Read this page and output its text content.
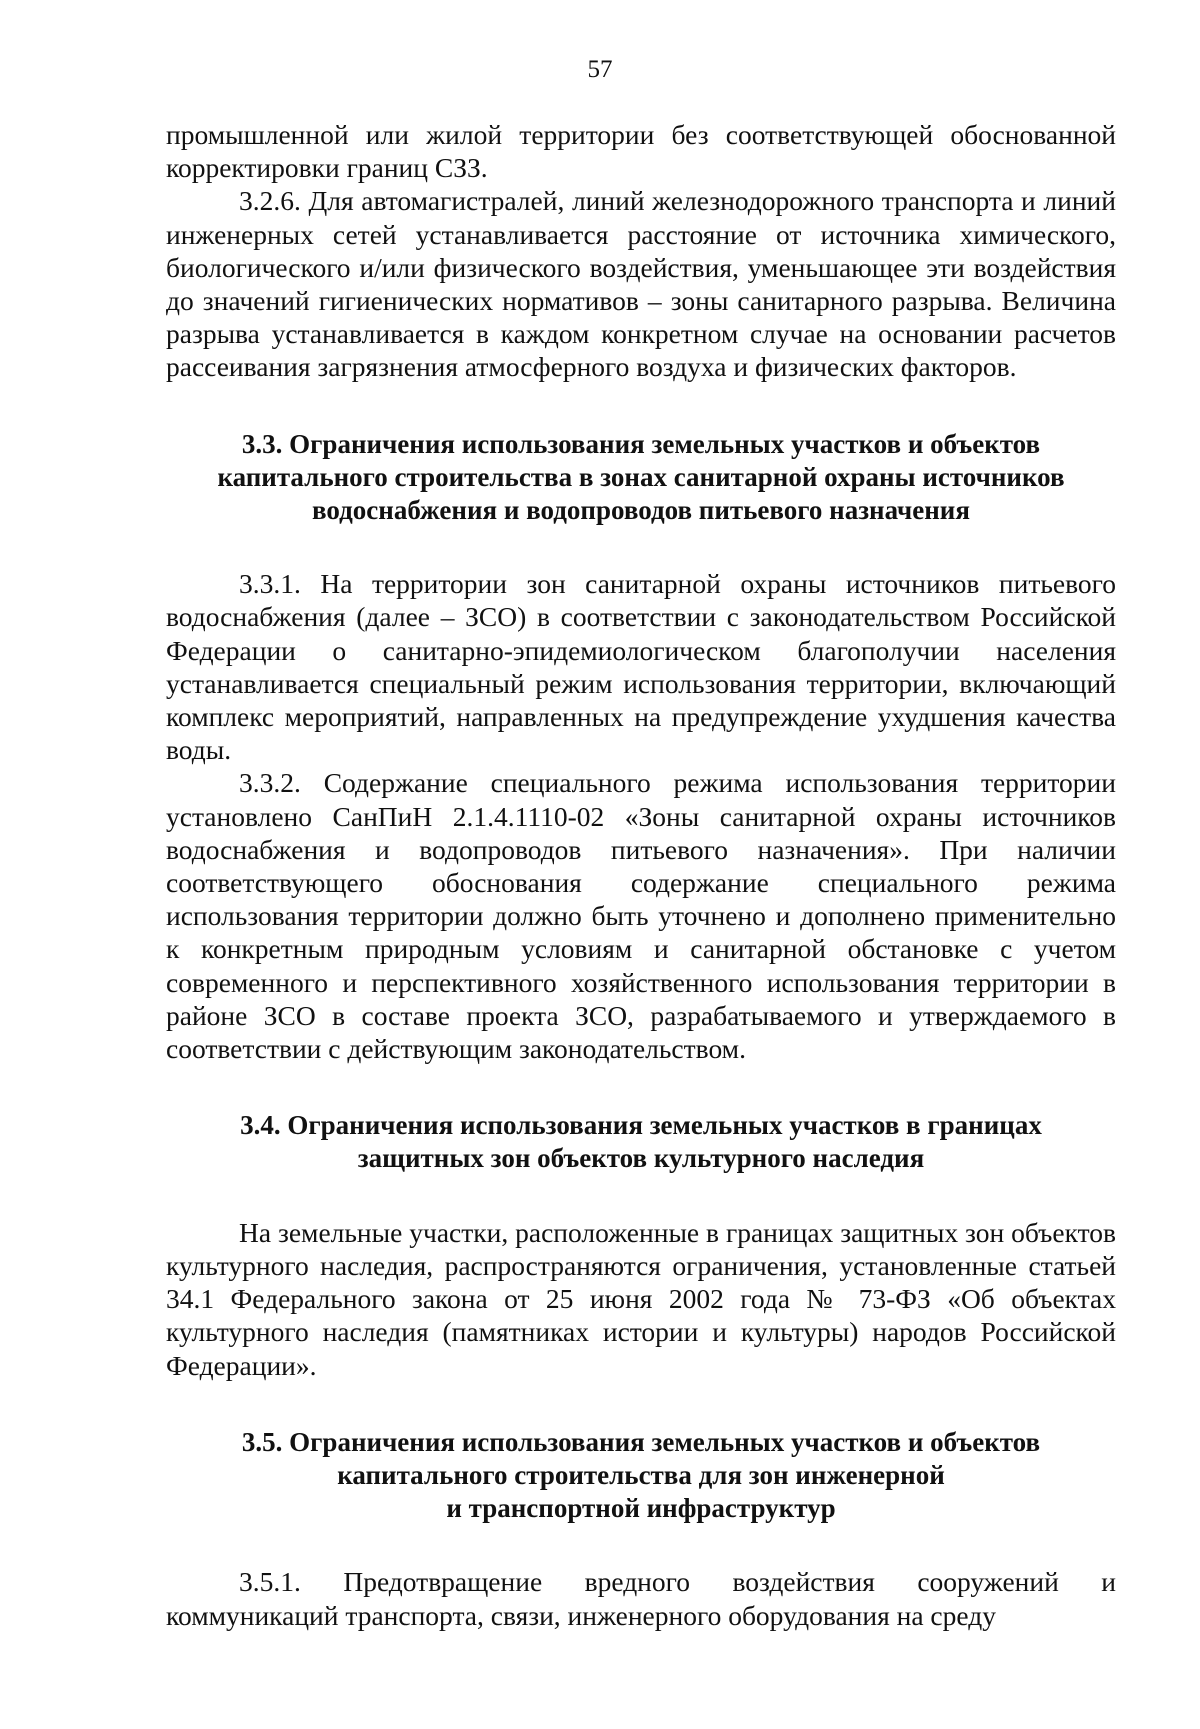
57

промышленной или жилой территории без соответствующей обоснованной корректировки границ СЗЗ.

3.2.6. Для автомагистралей, линий железнодорожного транспорта и линий инженерных сетей устанавливается расстояние от источника химического, биологического и/или физического воздействия, уменьшающее эти воздействия до значений гигиенических нормативов – зоны санитарного разрыва. Величина разрыва устанавливается в каждом конкретном случае на основании расчетов рассеивания загрязнения атмосферного воздуха и физических факторов.

3.3. Ограничения использования земельных участков и объектов
капитального строительства в зонах санитарной охраны источников
водоснабжения и водопроводов питьевого назначения

3.3.1. На территории зон санитарной охраны источников питьевого водоснабжения (далее – ЗСО) в соответствии с законодательством Российской Федерации о санитарно-эпидемиологическом благополучии населения устанавливается специальный режим использования территории, включающий комплекс мероприятий, направленных на предупреждение ухудшения качества воды.

3.3.2. Содержание специального режима использования территории установлено СанПиН 2.1.4.1110-02 «Зоны санитарной охраны источников водоснабжения и водопроводов питьевого назначения». При наличии соответствующего обоснования содержание специального режима использования территории должно быть уточнено и дополнено применительно к конкретным природным условиям и санитарной обстановке с учетом современного и перспективного хозяйственного использования территории в районе ЗСО в составе проекта ЗСО, разрабатываемого и утверждаемого в соответствии с действующим законодательством.

3.4. Ограничения использования земельных участков в границах
защитных зон объектов культурного наследия

На земельные участки, расположенные в границах защитных зон объектов культурного наследия, распространяются ограничения, установленные статьей 34.1 Федерального закона от 25 июня 2002 года № 73-ФЗ «Об объектах культурного наследия (памятниках истории и культуры) народов Российской Федерации».

3.5. Ограничения использования земельных участков и объектов
капитального строительства для зон инженерной
и транспортной инфраструктур

3.5.1. Предотвращение вредного воздействия сооружений и коммуникаций транспорта, связи, инженерного оборудования на среду
